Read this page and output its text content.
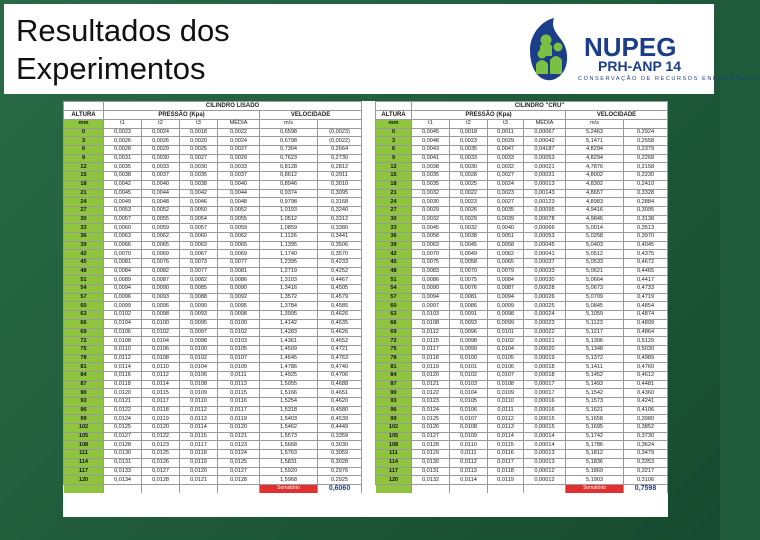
Resultados dos
Experimentos
NUPEG
PRH-ANP 14
CONSERVAÇÃO DE RECURSOS ENERGÉTICOS
	CILINDRO LISADO					
ALTURA	PRESSÃO (Kpa)				VELOCIDADE	
mm	t1	t2	t3	MÉDIA	m/s	
0	0,0023	0,0024	0,0018	0,0022	0,6598	(0,0023)
3	0,0026	0,0026	0,0020	0,0024	0,6798	(0,0022)
6	0,0028	0,0029	0,0025	0,0027	0,7304	0,2664
9	0,0031	0,0030	0,0027	0,0029	0,7623	0,2730
12	0,0035	0,0033	0,0030	0,0033	0,8128	0,2812
15	0,0038	0,0037	0,0035	0,0037	0,8612	0,2911
18	0,0042	0,0040	0,0038	0,0040	0,8946	0,3010
21	0,0045	0,0044	0,0042	0,0044	0,9374	0,3095
24	0,0049	0,0048	0,0046	0,0048	0,9798	0,3168
27	0,0053	0,0052	0,0050	0,0052	1,0193	0,3240
30	0,0057	0,0055	0,0054	0,0055	1,0512	0,3312
33	0,0060	0,0059	0,0057	0,0059	1,0859	0,3380
36	0,0063	0,0062	0,0060	0,0062	1,1126	0,3441
39	0,0066	0,0065	0,0063	0,0065	1,1395	0,3506
42	0,0070	0,0069	0,0067	0,0069	1,1740	0,3570
45	0,0081	0,0076	0,0073	0,0077	1,2395	0,4233
48	0,0084	0,0082	0,0077	0,0081	1,2719	0,4252
51	0,0089	0,0087	0,0082	0,0086	1,3103	0,4467
54	0,0094	0,0090	0,0085	0,0090	1,3416	0,4505
57	0,0096	0,0093	0,0088	0,0092	1,3572	0,4579
60	0,0099	0,0096	0,0090	0,0095	1,3784	0,4585
63	0,0102	0,0098	0,0093	0,0098	1,3995	0,4626
66	0,0104	0,0100	0,0095	0,0100	1,4142	0,4635
69	0,0106	0,0102	0,0097	0,0102	1,4283	0,4626
72	0,0108	0,0104	0,0098	0,0103	1,4361	0,4652
75	0,0110	0,0106	0,0100	0,0105	1,4509	0,4721
78	0,0112	0,0108	0,0102	0,0107	1,4645	0,4763
81	0,0114	0,0110	0,0104	0,0109	1,4786	0,4740
84	0,0116	0,0112	0,0106	0,0111	1,4925	0,4706
87	0,0118	0,0114	0,0108	0,0113	1,5055	0,4688
90	0,0120	0,0115	0,0109	0,0115	1,5166	0,4651
93	0,0121	0,0117	0,0110	0,0116	1,5254	0,4620
96	0,0122	0,0118	0,0112	0,0117	1,5318	0,4580
99	0,0124	0,0119	0,0113	0,0119	1,5403	0,4539
102	0,0125	0,0120	0,0114	0,0120	1,5462	0,4449
105	0,0127	0,0122	0,0115	0,0121	1,5573	0,3359
108	0,0128	0,0123	0,0117	0,0123	1,5668	0,3030
111	0,0130	0,0125	0,0118	0,0124	1,5763	0,3059
114	0,0131	0,0126	0,0119	0,0125	1,5831	0,3028
117	0,0133	0,0127	0,0120	0,0127	1,5920	0,2976
120	0,0134	0,0128	0,0121	0,0128	1,5968	0,2925
					Somatório	0,6060
	CILINDRO "CRU"					
ALTURA	PRESSÃO (Kpa)				VELOCIDADE	
mm	t1	t2	t3	MÉDIA	m/s	
0	0,0045	0,0018	0,0011	0,00067	5,2463	0,2924
3	0,0048	0,0023	0,0029	0,00042	5,1471	0,2558
6	0,0043	0,0035	0,0047	0,04187	4,8294	0,2379
9	0,0041	0,0033	0,0033	0,00053	4,8294	0,2268
12	0,0038	0,0030	0,0032	0,00021	4,7876	0,2158
15	0,0035	0,0028	0,0027	0,00031	4,8002	0,2230
18	0,0035	0,0025	0,0024	0,00013	4,8302	0,2410
21	0,0032	0,0022	0,0023	0,00143	4,8657	0,3328
24	0,0030	0,0023	0,0027	0,00123	4,8983	0,2884
27	0,0029	0,0026	0,0035	0,00095	4,9416	0,3095
30	0,0032	0,0029	0,0039	0,00078	4,9846	0,3138
33	0,0045	0,0032	0,0040	0,00066	5,0014	0,3513
36	0,0058	0,0038	0,0051	0,00053	5,0258	0,3970
39	0,0063	0,0045	0,0058	0,00045	5,0403	0,4045
42	0,0070	0,0049	0,0062	0,00041	5,0512	0,4375
45	0,0075	0,0058	0,0065	0,00037	5,0533	0,4672
48	0,0083	0,0070	0,0079	0,00033	5,0621	0,4465
51	0,0086	0,0075	0,0084	0,00030	5,0664	0,4417
54	0,0090	0,0076	0,0087	0,00028	5,0673	0,4733
57	0,0094	0,0081	0,0094	0,00026	5,0709	0,4719
60	0,0097	0,0086	0,0099	0,00025	5,0845	0,4854
63	0,0103	0,0091	0,0098	0,00024	5,1059	0,4874
66	0,0108	0,0093	0,0099	0,00023	5,1123	0,4899
69	0,0112	0,0096	0,0101	0,00022	5,1217	0,4864
72	0,0115	0,0098	0,0102	0,00021	5,1306	0,5129
75	0,0117	0,0099	0,0104	0,00020	5,1348	0,5030
78	0,0118	0,0100	0,0105	0,00019	5,1372	0,4989
81	0,0119	0,0101	0,0106	0,00018	5,1411	0,4760
84	0,0120	0,0102	0,0107	0,00018	5,1452	0,4612
87	0,0121	0,0103	0,0108	0,00017	5,1493	0,4481
90	0,0122	0,0104	0,0109	0,00017	5,1542	0,4360
93	0,0123	0,0105	0,0110	0,00016	5,1573	0,4241
96	0,0124	0,0106	0,0111	0,00016	5,1621	0,4106
99	0,0125	0,0107	0,0112	0,00015	5,1658	0,3980
102	0,0126	0,0108	0,0113	0,00015	5,1695	0,3852
105	0,0127	0,0109	0,0114	0,00014	5,1742	0,3730
108	0,0128	0,0110	0,0115	0,00014	5,1786	0,3624
111	0,0129	0,0111	0,0116	0,00013	5,1812	0,3479
114	0,0130	0,0112	0,0117	0,00013	5,1836	0,3353
117	0,0131	0,0113	0,0118	0,00012	5,1869	0,3217
120	0,0132	0,0114	0,0119	0,00012	5,1903	0,3106
					Somatório	0,7598
